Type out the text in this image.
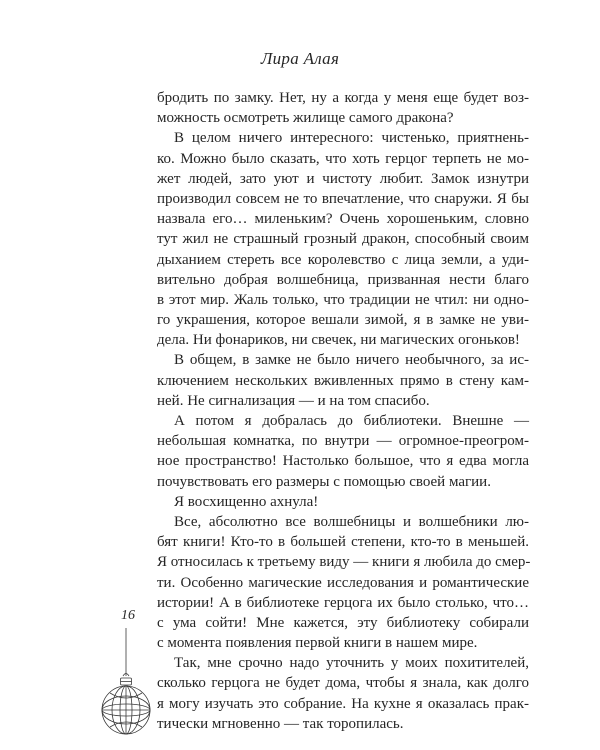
Лира Алая
бродить по замку. Нет, ну а когда у меня еще будет воз-
можность осмотреть жилище самого дракона?
В целом ничего интересного: чистенько, приятнень-
ко. Можно было сказать, что хоть герцог терпеть не мо-
жет людей, зато уют и чистоту любит. Замок изнутри
производил совсем не то впечатление, что снаружи. Я бы
назвала его… миленьким? Очень хорошеньким, словно
тут жил не страшный грозный дракон, способный своим
дыханием стереть все королевство с лица земли, а уди-
вительно добрая волшебница, призванная нести благо
в этот мир. Жаль только, что традиции не чтил: ни одно-
го украшения, которое вешали зимой, я в замке не уви-
дела. Ни фонариков, ни свечек, ни магических огоньков!
В общем, в замке не было ничего необычного, за ис-
ключением нескольких вживленных прямо в стену кам-
ней. Не сигнализация — и на том спасибо.
А потом я добралась до библиотеки. Внешне —
небольшая комнатка, по внутри — огромное-преогром-
ное пространство! Настолько большое, что я едва могла
почувствовать его размеры с помощью своей магии.
Я восхищенно ахнула!
Все, абсолютно все волшебницы и волшебники лю-
бят книги! Кто-то в большей степени, кто-то в меньшей.
Я относилась к третьему виду — книги я любила до смер-
ти. Особенно магические исследования и романтические
истории! А в библиотеке герцога их было столько, что…
с ума сойти! Мне кажется, эту библиотеку собирали
с момента появления первой книги в нашем мире.
Так, мне срочно надо уточнить у моих похитителей,
сколько герцога не будет дома, чтобы я знала, как долго
я могу изучать это собрание. На кухне я оказалась прак-
тически мгновенно — так торопилась.
16
